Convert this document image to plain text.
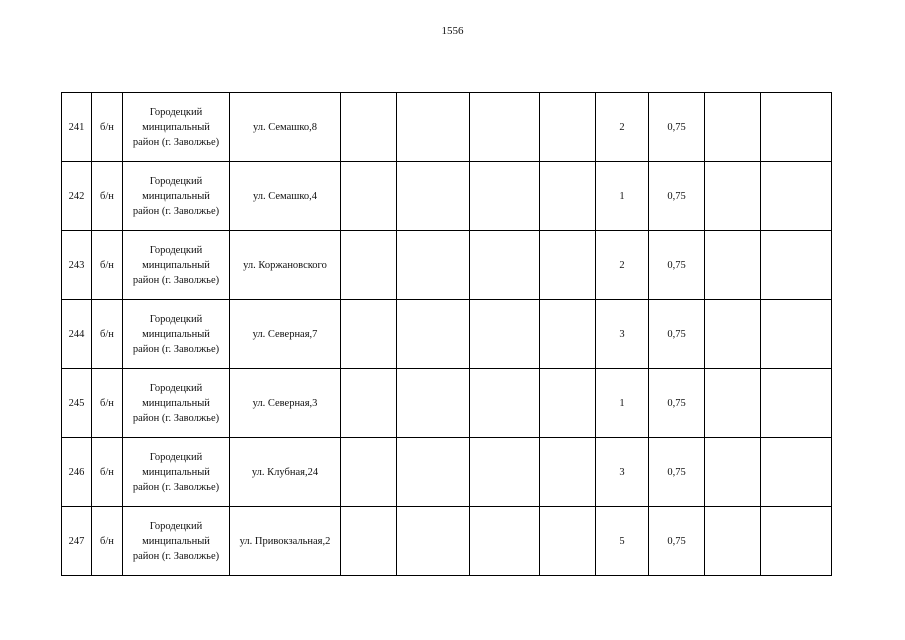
1556
241	б/н	Городецкий
минципальный
район (г. Заволжье)	ул. Семашко,8					2	0,75		
242	б/н	Городецкий
минципальный
район (г. Заволжье)	ул. Семашко,4					1	0,75		
243	б/н	Городецкий
минципальный
район (г. Заволжье)	ул. Коржановского					2	0,75		
244	б/н	Городецкий
минципальный
район (г. Заволжье)	ул. Северная,7					3	0,75		
245	б/н	Городецкий
минципальный
район (г. Заволжье)	ул. Северная,3					1	0,75		
246	б/н	Городецкий
минципальный
район (г. Заволжье)	ул. Клубная,24					3	0,75		
247	б/н	Городецкий
минципальный
район (г. Заволжье)	ул. Привокзальная,2					5	0,75		
